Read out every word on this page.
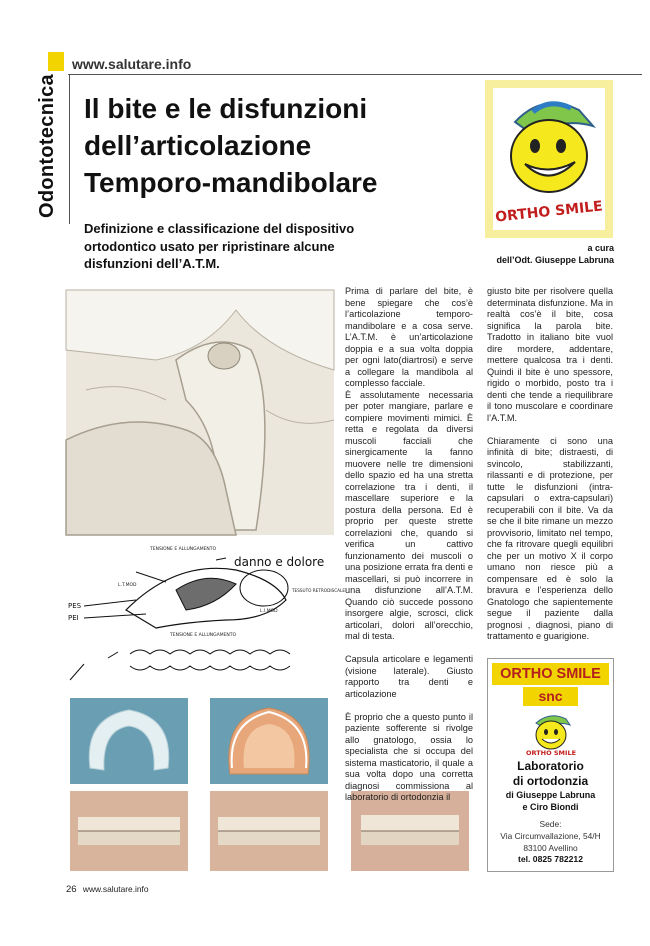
www.salutare.info
Odontotecnica Il bite e le disfunzioni
dell’articolazione
Temporo-mandibolare
Definizione e classificazione del dispositivo
ortodontico usato per ripristinare alcune
disfunzioni dell’A.T.M.
ORTHO SMILE
a cura
dell’Odt. Giuseppe Labruna
TENSIONE E ALLUNGAMENTO
danno e dolore
L.T.MOD
TESSUTO RETRODISCALE
L.I.MOD
PES
PEI
TENSIONE E ALLUNGAMENTO

Prima di parlare del bite, è bene spiegare che cos’è l’articolazione temporo-mandibolare e a cosa serve. L’A.T.M. è un’articolazione doppia e a sua volta doppia per ogni lato(diartrosi) e serve a collegare la mandibola al complesso facciale.
È assolutamente necessaria per poter mangiare, parlare e compiere movimenti mimici. È retta e regolata da diversi muscoli facciali che sinergicamente la fanno muovere nelle tre dimensioni dello spazio ed ha una stretta correlazione tra i denti, il mascellare superiore e la postura della persona. Ed è proprio per queste strette correlazioni che, quando si verifica un cattivo funzionamento dei muscoli o una posizione errata fra denti e mascellari, si può incorrere in una disfunzione all’A.T.M. Quando ciò succede possono insorgere algie, scrosci, click articolari, dolori all’orecchio, mal di testa.

Capsula articolare e legamenti (visione laterale). Giusto rapporto tra denti e articolazione

È proprio che a questo punto il paziente sofferente si rivolge allo gnatologo, ossia lo specialista che si occupa del sistema masticatorio, il quale a sua volta dopo una corretta diagnosi commissiona al laboratorio di ortodonzia il

giusto bite per risolvere quella determinata disfunzione. Ma in realtà cos’è il bite, cosa significa la parola bite. Tradotto in italiano bite vuol dire mordere, addentare, mettere qualcosa tra i denti. Quindi il bite è uno spessore, rigido o morbido, posto tra i denti che tende a riequilibrare il tono muscolare e coordinare l’A.T.M.

Chiaramente ci sono una infinità di bite; distraesti, di svincolo, stabilizzanti, rilassanti e di protezione, per tutte le disfunzioni (intra-capsulari o extra-capsulari) recuperabili con il bite. Va da se che il bite rimane un mezzo provvisorio, limitato nel tempo, che fa ritrovare quegli equilibri che per un motivo X il corpo umano non riesce più a compensare ed è solo la bravura e l’esperienza dello Gnatologo che sapientemente segue il paziente dalla prognosi , diagnosi, piano di trattamento e guarigione.

ORTHO SMILE
snc
ORTHO SMILE
Laboratorio
di ortodonzia
di Giuseppe Labruna
e Ciro Biondi
Sede:
Via Circumvallazione, 54/H
83100 Avellino
tel. 0825 782212
26 www.salutare.info
